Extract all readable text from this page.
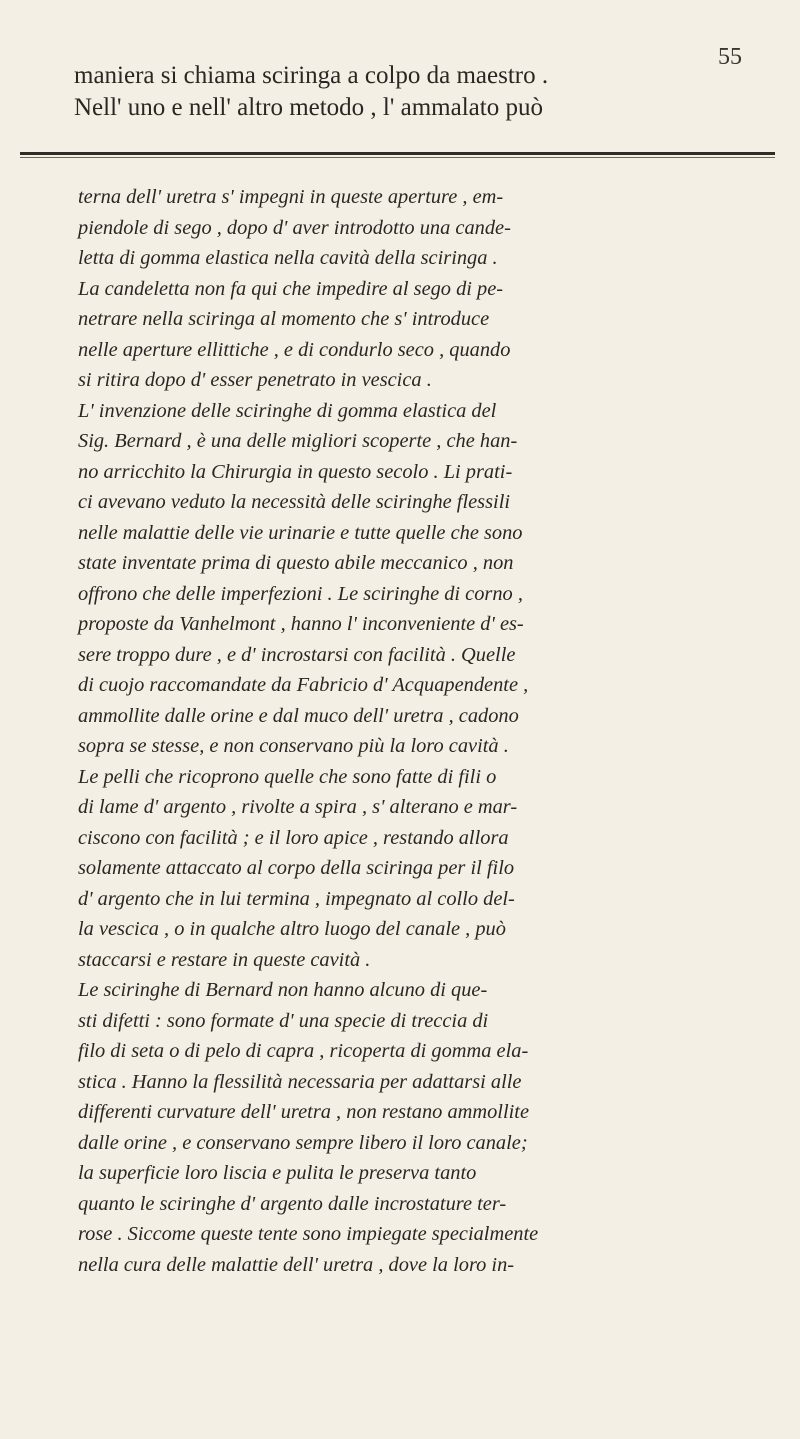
55
maniera si chiama sciringa a colpo da maestro .
Nell' uno e nell' altro metodo , l' ammalato può
terna dell' uretra s' impegni in queste aperture , em-
piendole di sego , dopo d' aver introdotto una cande-
letta di gomma elastica nella cavità della sciringa .
La candeletta non fa qui che impedire al sego di pe-
netrare nella sciringa al momento che s' introduce
nelle aperture ellittiche , e di condurlo seco , quando
si ritira dopo d' esser penetrato in vescica .
L' invenzione delle sciringhe di gomma elastica del
Sig. Bernard , è una delle migliori scoperte , che han-
no arricchito la Chirurgia in questo secolo . Li prati-
ci avevano veduto la necessità delle sciringhe flessili
nelle malattie delle vie urinarie e tutte quelle che sono
state inventate prima di questo abile meccanico , non
offrono che delle imperfezioni . Le sciringhe di corno ,
proposte da Vanhelmont , hanno l' inconveniente d' es-
sere troppo dure , e d' incrostarsi con facilità . Quelle
di cuojo raccomandate da Fabricio d' Acquapendente ,
ammollite dalle orine e dal muco dell' uretra , cadono
sopra se stesse, e non conservano più la loro cavità .
Le pelli che ricoprono quelle che sono fatte di fili o
di lame d' argento , rivolte a spira , s' alterano e mar-
ciscono con facilità ; e il loro apice , restando allora
solamente attaccato al corpo della sciringa per il filo
d' argento che in lui termina , impegnato al collo del-
la vescica , o in qualche altro luogo del canale , può
staccarsi e restare in queste cavità .
Le sciringhe di Bernard non hanno alcuno di que-
sti difetti : sono formate d' una specie di treccia di
filo di seta o di pelo di capra , ricoperta di gomma ela-
stica . Hanno la flessilità necessaria per adattarsi alle
differenti curvature dell' uretra , non restano ammollite
dalle orine , e conservano sempre libero il loro canale;
la superficie loro liscia e pulita le preserva tanto
quanto le sciringhe d' argento dalle incrostature ter-
rose . Siccome queste tente sono impiegate specialmente
nella cura delle malattie dell' uretra , dove la loro in-
